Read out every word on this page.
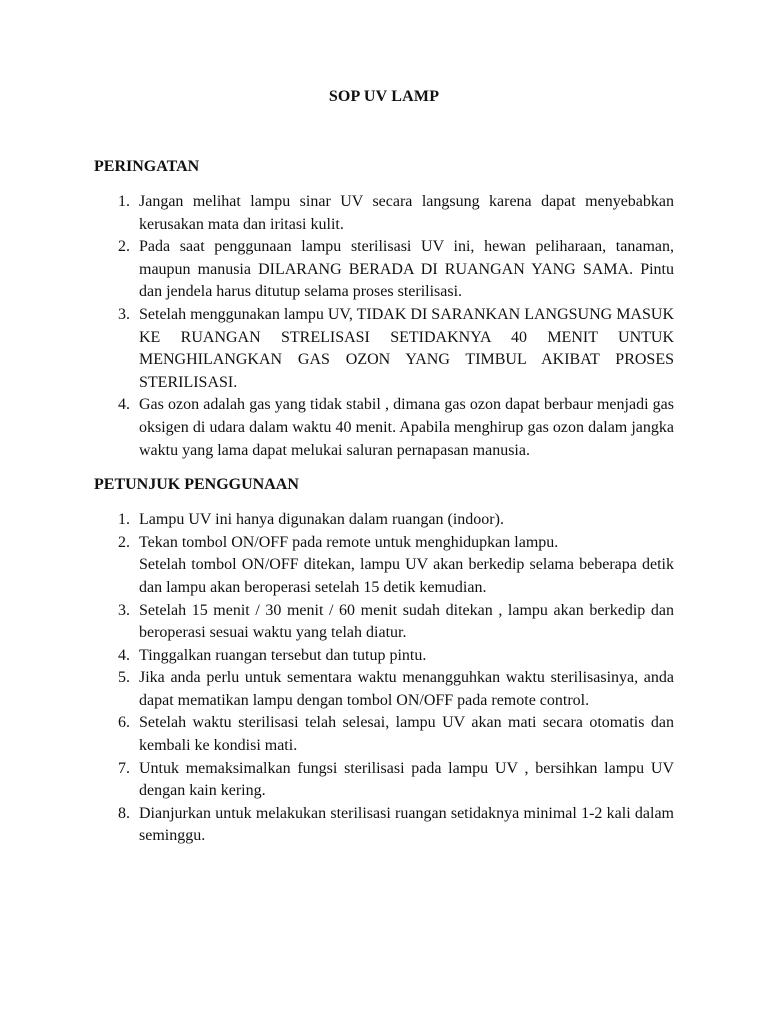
SOP UV LAMP
PERINGATAN
1. Jangan melihat lampu sinar UV secara langsung karena dapat menyebabkan kerusakan mata dan iritasi kulit.
2. Pada saat penggunaan lampu sterilisasi UV ini, hewan peliharaan, tanaman, maupun manusia DILARANG BERADA DI RUANGAN YANG SAMA. Pintu dan jendela harus ditutup selama proses sterilisasi.
3. Setelah menggunakan lampu UV, TIDAK DI SARANKAN LANGSUNG MASUK KE RUANGAN STRELISASI SETIDAKNYA 40 MENIT UNTUK MENGHILANGKAN GAS OZON YANG TIMBUL AKIBAT PROSES STERILISASI.
4. Gas ozon adalah gas yang tidak stabil , dimana gas ozon dapat berbaur menjadi gas oksigen di udara dalam waktu 40 menit. Apabila menghirup gas ozon dalam jangka waktu yang lama dapat melukai saluran pernapasan manusia.
PETUNJUK PENGGUNAAN
1. Lampu UV ini hanya digunakan dalam ruangan (indoor).
2. Tekan tombol ON/OFF pada remote untuk menghidupkan lampu.
Setelah tombol ON/OFF ditekan, lampu UV akan berkedip selama beberapa detik dan lampu akan beroperasi setelah 15 detik kemudian.
3. Setelah 15 menit / 30 menit / 60 menit sudah ditekan , lampu akan berkedip dan beroperasi sesuai waktu yang telah diatur.
4. Tinggalkan ruangan tersebut dan tutup pintu.
5. Jika anda perlu untuk sementara waktu menangguhkan waktu sterilisasinya, anda dapat mematikan lampu dengan tombol ON/OFF pada remote control.
6. Setelah waktu sterilisasi telah selesai, lampu UV akan mati secara otomatis dan kembali ke kondisi mati.
7. Untuk memaksimalkan fungsi sterilisasi pada lampu UV , bersihkan lampu UV dengan kain kering.
8. Dianjurkan untuk melakukan sterilisasi ruangan setidaknya minimal 1-2 kali dalam seminggu.
